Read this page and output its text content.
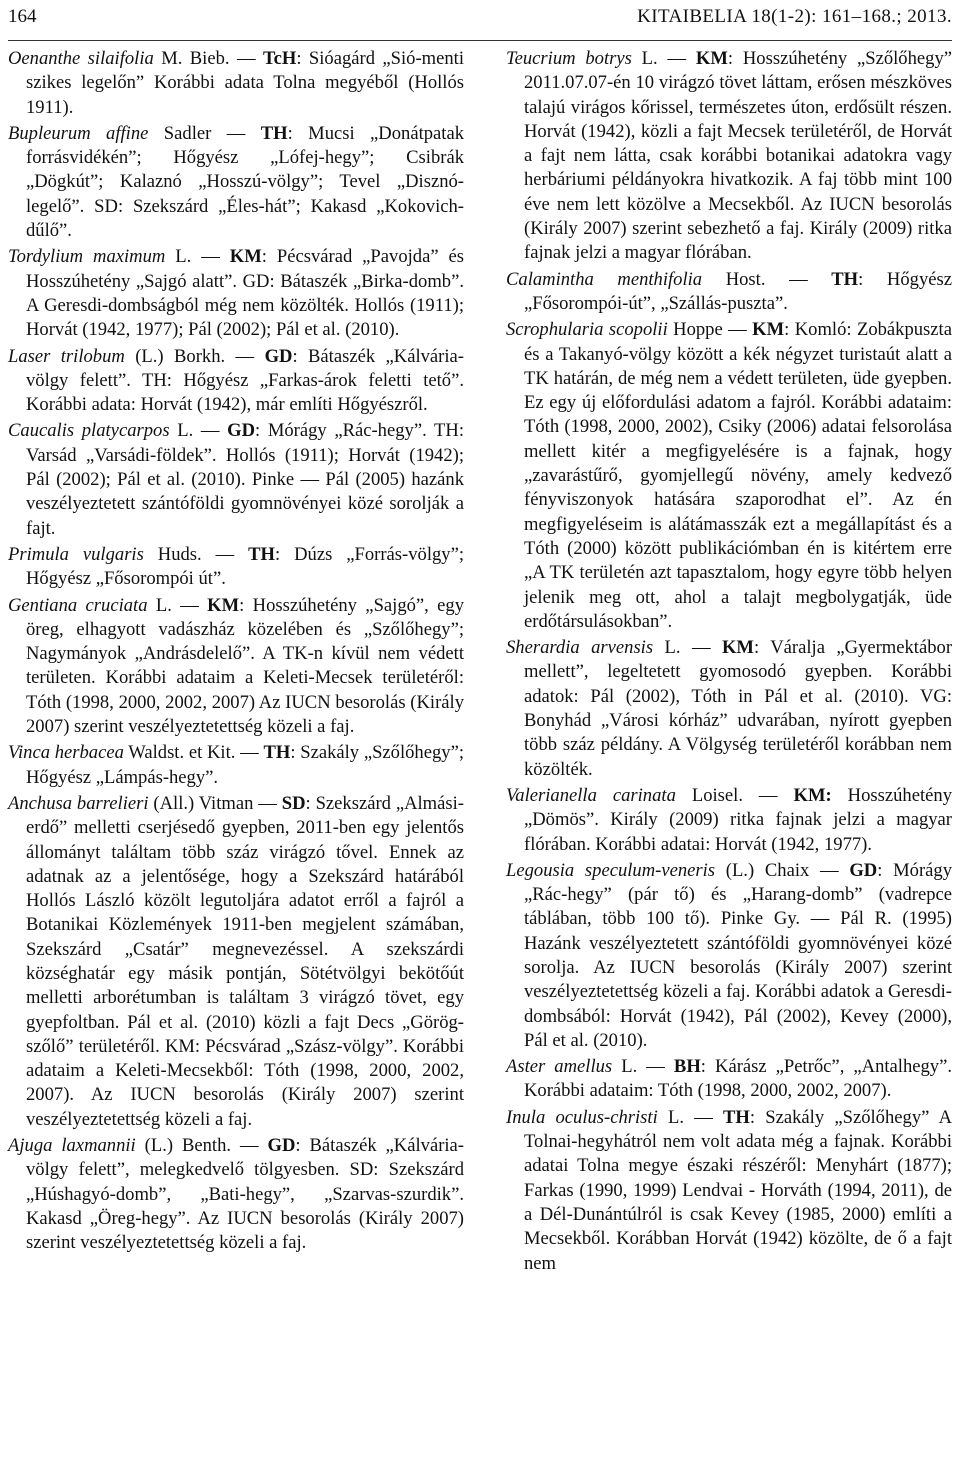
164	KITAIBELIA 18(1-2): 161–168.; 2013.
Oenanthe silaifolia M. Bieb. — TcH: Sióagárd „Sió-menti szikes legelőn” Korábbi adata Tolna megyéből (Hollós 1911).
Bupleurum affine Sadler — TH: Mucsi „Donátpatak forrásvidékén”; Hőgyész „Lófej-hegy”; Csibrák „Dögkút”; Kalaznó „Hosszú-völgy”; Tevel „Disznó-legelő”. SD: Szekszárd „Éles-hát”; Kakasd „Kokovich-dűlő”.
Tordylium maximum L. — KM: Pécsvárad „Pavojda” és Hosszúhetény „Sajgó alatt”. GD: Bátaszék „Birka-domb”. A Geresdi-dombságból még nem közölték. Hollós (1911); Horvát (1942, 1977); Pál (2002); Pál et al. (2010).
Laser trilobum (L.) Borkh. — GD: Bátaszék „Kálvária-völgy felett”. TH: Hőgyész „Farkas-árok feletti tető”. Korábbi adata: Horvát (1942), már említi Hőgyészről.
Caucalis platycarpos L. — GD: Mórágy „Rác-hegy”. TH: Varsád „Varsádi-földek”. Hollós (1911); Horvát (1942); Pál (2002); Pál et al. (2010). Pinke — Pál (2005) hazánk veszélyeztetett szántóföldi gyomnövényei közé sorolják a fajt.
Primula vulgaris Huds. — TH: Dúzs „Forrás-völgy”; Hőgyész „Fősorompói út”.
Gentiana cruciata L. — KM: Hosszúhetény „Sajgó”, egy öreg, elhagyott vadászház közelében és „Szőlőhegy”; Nagymányok „Andrásdelelő”. A TK-n kívül nem védett területen. Korábbi adataim a Keleti-Mecsek területéről: Tóth (1998, 2000, 2002, 2007) Az IUCN besorolás (Király 2007) szerint veszélyeztetettség közeli a faj.
Vinca herbacea Waldst. et Kit. — TH: Szakály „Szőlőhegy”; Hőgyész „Lámpás-hegy”.
Anchusa barrelieri (All.) Vitman — SD: Szekszárd „Almási-erdő” melletti cserjésedő gyepben, 2011-ben egy jelentős állományt találtam több száz virágzó tővel. Ennek az adatnak az a jelentősége, hogy a Szekszárd határából Hollós László közölt legutoljára adatot erről a fajról a Botanikai Közlemények 1911-ben megjelent számában, Szekszárd „Csatár” megnevezéssel. A szekszárdi községhatár egy másik pontján, Sötétvölgyi bekötőút melletti arborétumban is találtam 3 virágzó tövet, egy gyepfoltban. Pál et al. (2010) közli a fajt Decs „Görög-szőlő” területéről. KM: Pécsvárad „Szász-völgy”. Korábbi adataim a Keleti-Mecsekből: Tóth (1998, 2000, 2002, 2007). Az IUCN besorolás (Király 2007) szerint veszélyeztetettség közeli a faj.
Ajuga laxmannii (L.) Benth. — GD: Bátaszék „Kálvária-völgy felett”, melegkedvelő tölgyesben. SD: Szekszárd „Húshagyó-domb”, „Bati-hegy”, „Szarvas-szurdik”. Kakasd „Öreg-hegy”. Az IUCN besorolás (Király 2007) szerint veszélyeztetettség közeli a faj.
Teucrium botrys L. — KM: Hosszúhetény „Szőlőhegy” 2011.07.07-én 10 virágzó tövet láttam, erősen mészköves talajú virágos kőrissel, természetes úton, erdősült részen. Horvát (1942), közli a fajt Mecsek területéről, de Horvát a fajt nem látta, csak korábbi botanikai adatokra vagy herbáriumi példányokra hivatkozik. A faj több mint 100 éve nem lett közölve a Mecsekből. Az IUCN besorolás (Király 2007) szerint sebezhető a faj. Király (2009) ritka fajnak jelzi a magyar flórában.
Calamintha menthifolia Host. — TH: Hőgyész „Fősorompói-út”, „Szállás-puszta”.
Scrophularia scopolii Hoppe — KM: Komló: Zobákpuszta és a Takanyó-völgy között a kék négyzet turistaút alatt a TK határán, de még nem a védett területen, üde gyepben. Ez egy új előfordulási adatom a fajról. Korábbi adataim: Tóth (1998, 2000, 2002), Csiky (2006) adatai felsorolása mellett kitér a megfigyelésére is a fajnak, hogy „zavarástűrő, gyomjellegű növény, amely kedvező fényviszonyok hatására szaporodhat el”. Az én megfigyeléseim is alátámasszák ezt a megállapítást és a Tóth (2000) között publikációmban én is kitértem erre „A TK területén azt tapasztalom, hogy egyre több helyen jelenik meg ott, ahol a talajt megbolygatják, üde erdőtársulásokban”.
Sherardia arvensis L. — KM: Váralja „Gyermektábor mellett”, legeltetett gyomosodó gyepben. Korábbi adatok: Pál (2002), Tóth in Pál et al. (2010). VG: Bonyhád „Városi kórház” udvarában, nyírott gyepben több száz példány. A Völgység területéről korábban nem közölték.
Valerianella carinata Loisel. — KM: Hosszúhetény „Dömös”. Király (2009) ritka fajnak jelzi a magyar flórában. Korábbi adatai: Horvát (1942, 1977).
Legousia speculum-veneris (L.) Chaix — GD: Mórágy „Rác-hegy” (pár tő) és „Harang-domb” (vadrepce táblában, több 100 tő). Pinke Gy. — Pál R. (1995) Hazánk veszélyeztetett szántóföldi gyomnövényei közé sorolja. Az IUCN besorolás (Király 2007) szerint veszélyeztetettség közeli a faj. Korábbi adatok a Geresdi-dombsából: Horvát (1942), Pál (2002), Kevey (2000), Pál et al. (2010).
Aster amellus L. — BH: Kárász „Petrőc”, „Antalhegy”. Korábbi adataim: Tóth (1998, 2000, 2002, 2007).
Inula oculus-christi L. — TH: Szakály „Szőlőhegy” A Tolnai-hegyhátról nem volt adata még a fajnak. Korábbi adatai Tolna megye északi részéről: Menyhárt (1877); Farkas (1990, 1999) Lendvai - Horváth (1994, 2011), de a Dél-Dunántúlról is csak Kevey (1985, 2000) említi a Mecsekből. Korábban Horvát (1942) közölte, de ő a fajt nem
